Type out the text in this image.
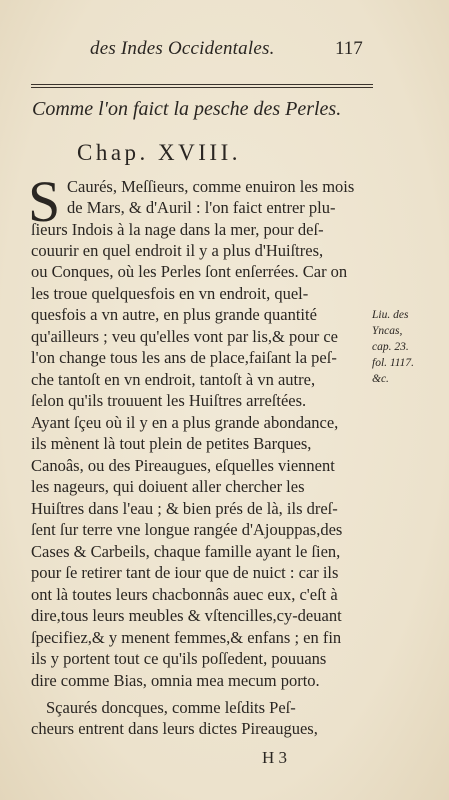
des Indes Occidentales.	117
Comme l'on faict la pesche des Perles.
Chap. XVIII.
S Caurés, Meſſieurs, comme enuiron les mois
de Mars, & d'Auril : l'on faict entrer plu-
ſieurs Indois à la nage dans la mer, pour deſ-
couurir en quel endroit il y a plus d'Huiſtres,
ou Conques, où les Perles ſont enſerrées. Car on
les troue quelquesfois en vn endroit, quel-
quesfois a vn autre, en plus grande quantité
qu'ailleurs ; veu qu'elles vont par lis,& pour ce
l'on change tous les ans de place,faiſant la peſ-
che tantoſt en vn endroit, tantoſt à vn autre,
ſelon qu'ils trouuent les Huiſtres arreſtées.
Ayant ſçeu où il y en a plus grande abondance,
ils mènent là tout plein de petites Barques,
Canoâs, ou des Pireaugues, eſquelles viennent
les nageurs, qui doiuent aller chercher les
Huiſtres dans l'eau ; & bien prés de là, ils dreſ-
ſent ſur terre vne longue rangée d'Ajouppas,des
Cases & Carbeils, chaque famille ayant le ſien,
pour ſe retirer tant de iour que de nuict : car ils
ont là toutes leurs chacbonnâs auec eux, c'eſt à
dire,tous leurs meubles & vſtencilles,cy-deuant
ſpecifiez,& y menent femmes,& enfans ; en fin
ils y portent tout ce qu'ils poſſedent, pouuans
dire comme Bias, omnia mea mecum porto.
Sçaurés doncques, comme leſdits Peſ-
cheurs entrent dans leurs dictes Pireaugues,
Liu. des
Yncas,
cap. 23.
fol. 1117.
&c.
H 3
